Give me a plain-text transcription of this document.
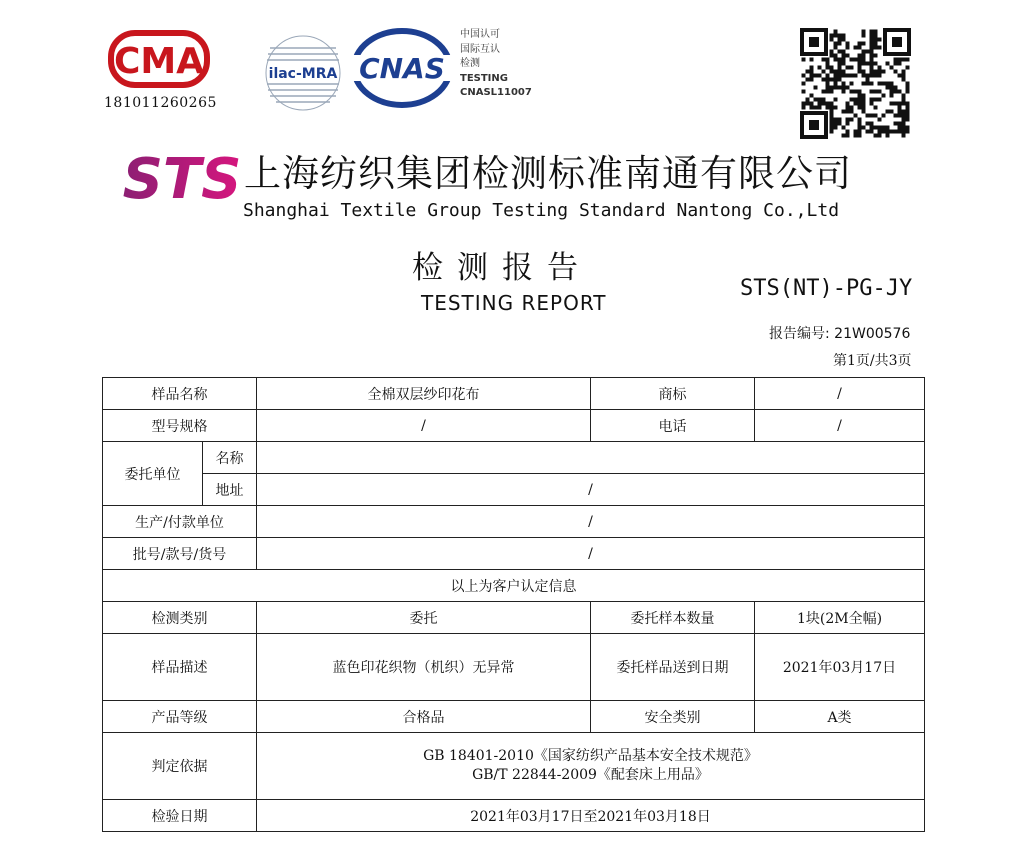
CMA
181011260265
ilac-MRA CNAS
中国认可
国际互认
检测
TESTING
CNASL11007
STS 上海纺织集团检测标准南通有限公司
Shanghai Textile Group Testing Standard Nantong Co.,Ltd
检测报告
TESTING REPORT
STS(NT)-PG-JY
报告编号: 21W00576
第1页/共3页
样品名称		全棉双层纱印花布	商标	/
型号规格		/	电话	/
委托单位	名称			
	地址	/		
生产/付款单位		/		
批号/款号/货号		/		
以上为客户认定信息				
检测类别		委托	委托样本数量	1块(2M全幅)
样品描述		蓝色印花织物（机织）无异常	委托样品送到日期	2021年03月17日
产品等级		合格品	安全类别	A类
判定依据		GB 18401-2010《国家纺织产品基本安全技术规范》
GB/T 22844-2009《配套床上用品》		

检验日期		2021年03月17日至2021年03月18日		
